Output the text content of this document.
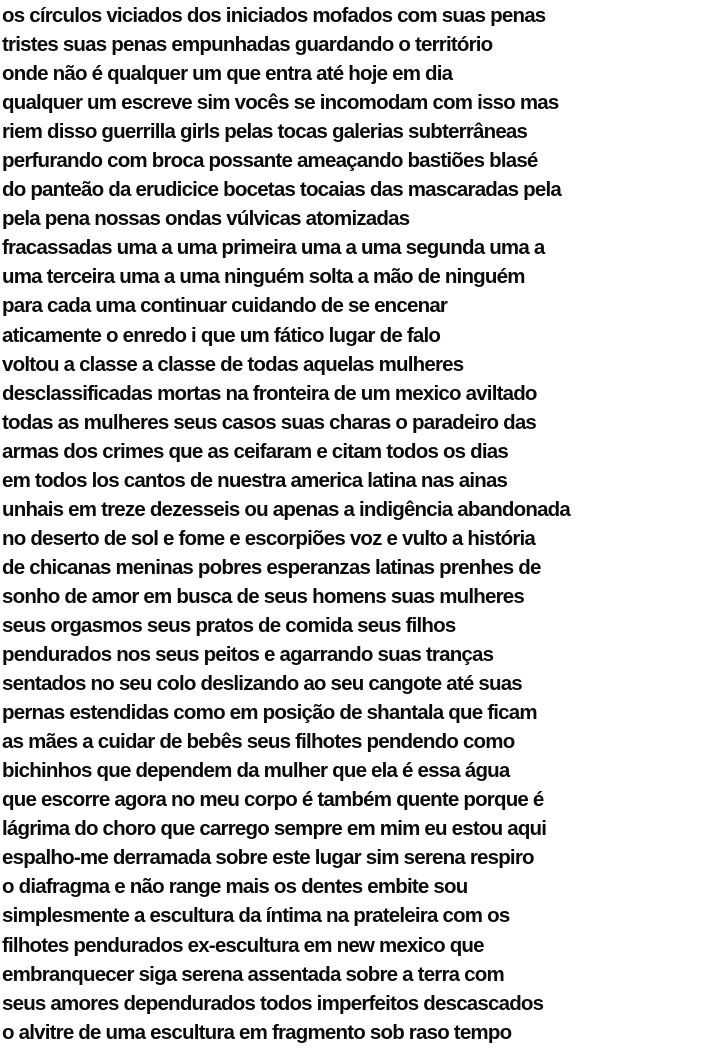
os círculos viciados dos iniciados mofados com suas penas
tristes suas penas empunhadas guardando o território
onde não é qualquer um que entra até hoje em dia
qualquer um escreve sim vocês se incomodam com isso mas
riem disso guerrilla girls pelas tocas galerias subterrâneas
perfurando com broca possante ameaçando bastiões blasé
do panteão da erudicice bocetas tocaias das mascaradas pela
pela pena nossas ondas vúlvicas atomizadas
fracassadas uma a uma primeira uma a uma segunda uma a
uma terceira uma a uma ninguém solta a mão de ninguém
para cada uma continuar cuidando de se encenar
aticamente o enredo i que um fático lugar de falo
voltou a classe a classe de todas aquelas mulheres
desclassificadas mortas na fronteira de um mexico aviltado
todas as mulheres seus casos suas charas o paradeiro das
armas dos crimes que as ceifaram e citam todos os dias
em todos los cantos de nuestra america latina nas ainas
unhais em treze dezesseis ou apenas a indigência abandonada
no deserto de sol e fome e escorpiões voz e vulto a história
de chicanas meninas pobres esperanzas latinas prenhes de
sonho de amor em busca de seus homens suas mulheres
seus orgasmos seus pratos de comida seus filhos
pendurados nos seus peitos e agarrando suas tranças
sentados no seu colo deslizando ao seu cangote até suas
pernas estendidas como em posição de shantala que ficam
as mães a cuidar de bebês seus filhotes pendendo como
bichinhos que dependem da mulher que ela é essa água
que escorre agora no meu corpo é também quente porque é
lágrima do choro que carrego sempre em mim eu estou aqui
espalho-me derramada sobre este lugar sim serena respiro
o diafragma e não range mais os dentes embite sou
simplesmente a escultura da íntima na prateleira com os
filhotes pendurados ex-escultura em new mexico que
embranquecer siga serena assentada sobre a terra com
seus amores dependurados todos imperfeitos descascados
o alvitre de uma escultura em fragmento sob raso tempo
